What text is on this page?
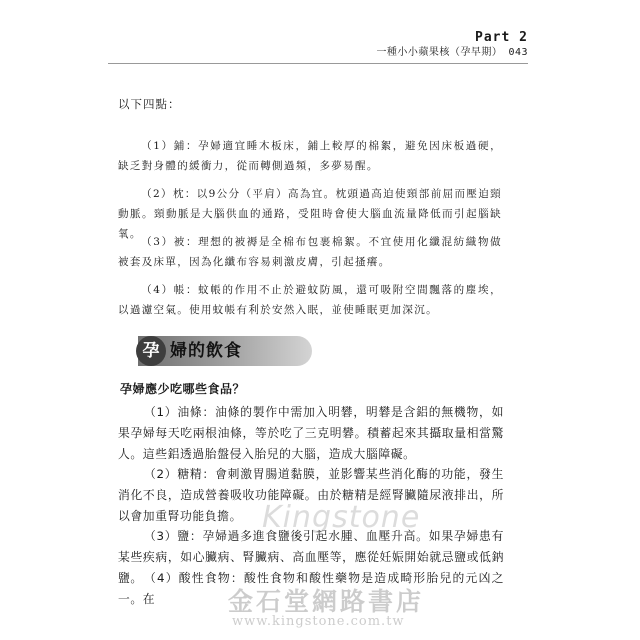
Part 2
一種小小蘋果核（孕早期） 043
以下四點：

（1）鋪：孕婦適宜睡木板床，鋪上較厚的棉絮，避免因床板過硬，缺乏對身體的緩衝力，從而轉側過頻，多夢易醒。

（2）枕：以9公分（平肩）高為宜。枕頭過高迫使頸部前屈而壓迫頸動脈。頸動脈是大腦供血的通路，受阻時會使大腦血流量降低而引起腦缺氧。

（3）被：理想的被褥是全棉布包裹棉絮。不宜使用化纖混紡織物做被套及床單，因為化纖布容易刺激皮膚，引起搔癢。

（4）帳：蚊帳的作用不止於避蚊防風，還可吸附空間飄落的塵埃，以過濾空氣。使用蚊帳有利於安然入眠，並使睡眠更加深沉。

孕 婦的飲食
孕婦應少吃哪些食品？

（1）油條：油條的製作中需加入明礬，明礬是含鋁的無機物，如果孕婦每天吃兩根油條，等於吃了三克明礬。積蓄起來其攝取量相當驚人。這些鋁透過胎盤侵入胎兒的大腦，造成大腦障礙。

（2）糖精：會刺激胃腸道黏膜，並影響某些消化酶的功能，發生消化不良，造成營養吸收功能障礙。由於糖精是經腎臟隨尿液排出，所以會加重腎功能負擔。

（3）鹽：孕婦過多進食鹽後引起水腫、血壓升高。如果孕婦患有某些疾病，如心臟病、腎臟病、高血壓等，應從妊娠開始就忌鹽或低鈉鹽。 （4）酸性食物：酸性食物和酸性藥物是造成畸形胎兒的元凶之一。在

Kingstone
金石堂網路書店
www.kingstone.com.tw
